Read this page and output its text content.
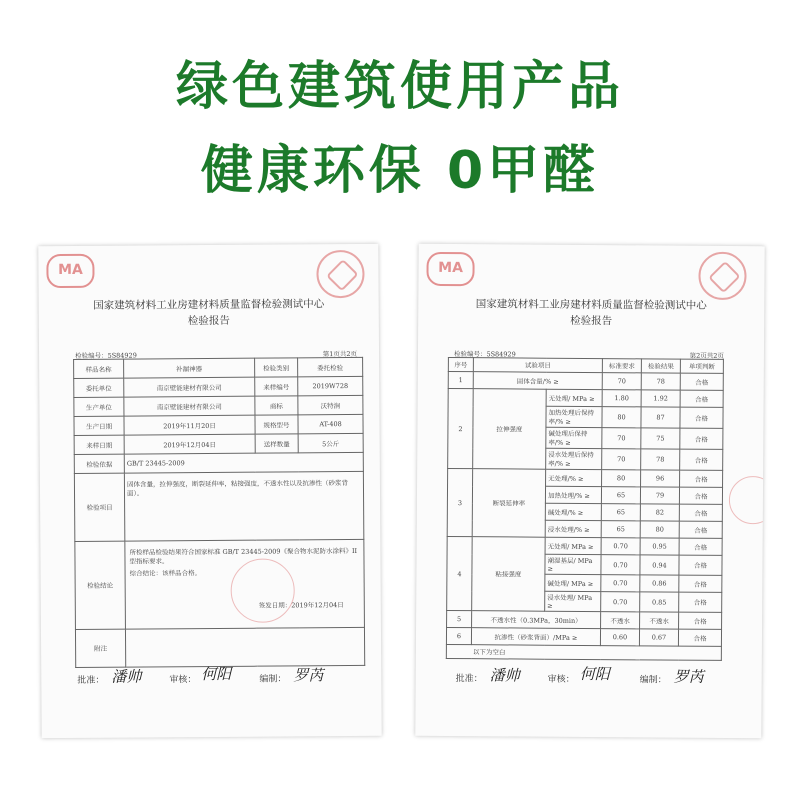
绿色建筑使用产品
健康环保 0甲醛
MA
国家建筑材料工业房建材料质量监督检验测试中心
检验报告
检验编号：5S84929	第1页共2页
样品名称	补漏神器	检验类别	委托检验
委托单位	南京壁能建材有限公司	来样编号	2019W728
生产单位	南京壁能建材有限公司	商标	沃特涧
生产日期	2019年11月20日	规格型号	AT-408
来样日期	2019年12月04日	送样数量	5公斤
检验依据	GB/T 23445-2009		
检验项目	固体含量，拉伸强度，断裂延伸率，粘接强度，不透水性以及抗渗性（砂浆背面）。		
检验结论	所检样品检验结果符合国家标准 GB/T 23445-2009《聚合物水泥防水涂料》II 型指标要求。
综合结论：该样品合格。
签发日期：2019年12月04日		

附注			
批准： 潘帅	审核： 何阳	编制： 罗芮
MA
国家建筑材料工业房建材料质量监督检验测试中心
检验报告
检验编号：5S84929	第2页共2页
序号	试验项目		标准要求	检验结果	单项判断
1	固体含量/% ≥		70	78	合格
2	拉伸强度	无处理/ MPa ≥	1.80	1.92	合格
		加热处理后保持率/% ≥	80	87	合格
		碱处理后保持率/% ≥	70	75	合格
		浸水处理后保持率/% ≥	70	78	合格
3	断裂延伸率	无处理/% ≥	80	96	合格
		加热处理/% ≥	65	79	合格
		碱处理/% ≥	65	82	合格
		浸水处理/% ≥	65	80	合格
4	粘接强度	无处理/ MPa ≥	0.70	0.95	合格
		潮湿基层/ MPa ≥	0.70	0.94	合格
		碱处理/ MPa ≥	0.70	0.86	合格
		浸水处理/ MPa ≥	0.70	0.85	合格
5	不透水性（0.3MPa，30min）		不透水	不透水	合格
6	抗渗性（砂浆背面）/MPa ≥		0.60	0.67	合格
以下为空白					
批准： 潘帅	审核： 何阳	编制： 罗芮
